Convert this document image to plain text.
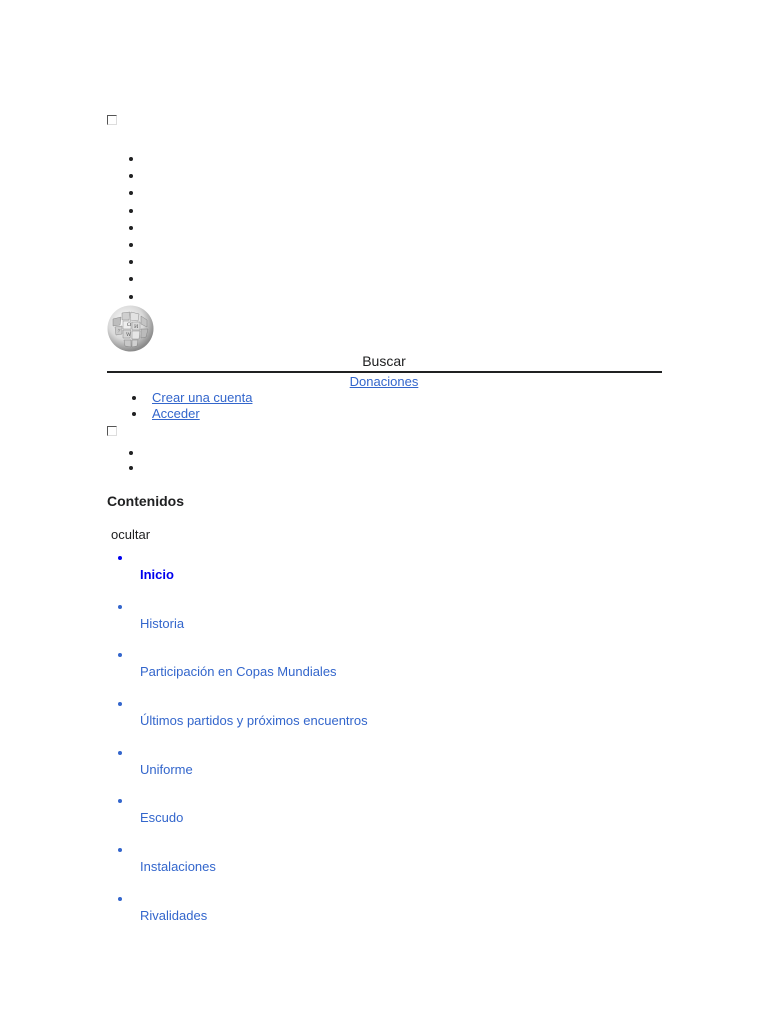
Ω И
ク
W
Buscar
Donaciones
Crear una cuenta
Acceder
Contenidos
ocultar
Inicio
Historia
Participación en Copas Mundiales
Últimos partidos y próximos encuentros
Uniforme
Escudo
Instalaciones
Rivalidades
